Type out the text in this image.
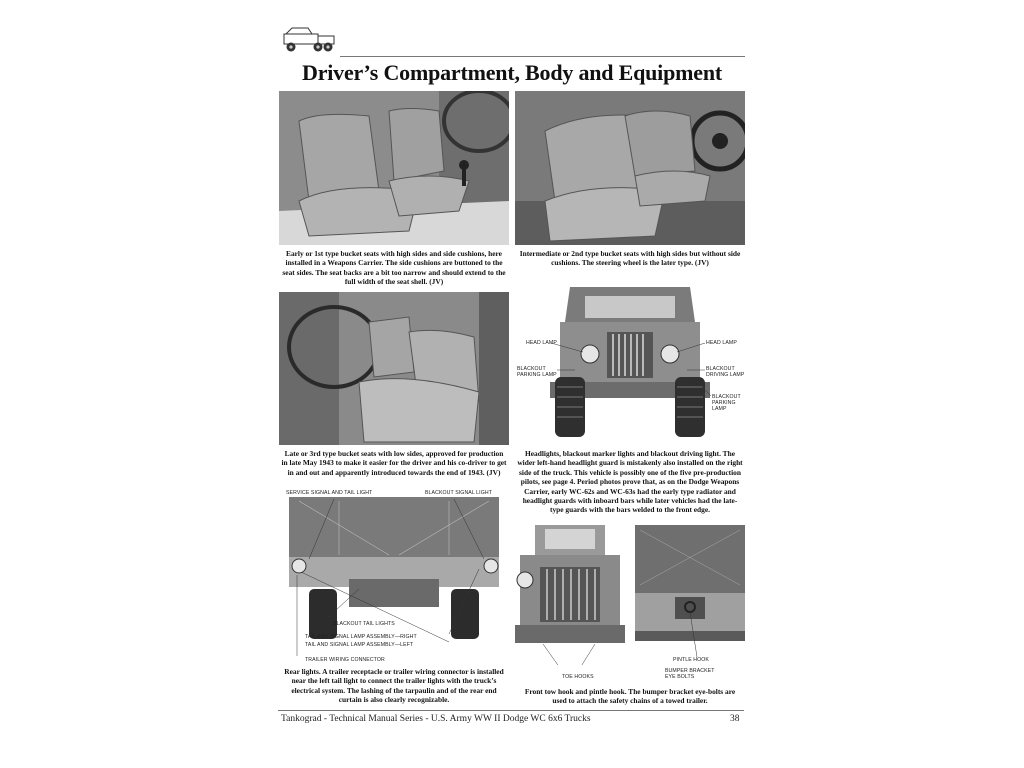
Driver’s Compartment, Body and Equipment
Early or 1st type bucket seats with high sides and side cushions, here installed in a Weapons Carrier. The side cushions are buttoned to the seat sides. The seat backs are a bit too narrow and should extend to the full width of the seat shell. (JV)
Intermediate or 2nd type bucket seats with high sides but without side cushions. The steering wheel is the later type. (JV)
Late or 3rd type bucket seats with low sides, approved for production in late May 1943 to make it easier for the driver and his co-driver to get in and out and apparently introduced towards the end of 1943. (JV)
HEAD LAMP	HEAD LAMP
BLACKOUT
PARKING LAMP
BLACKOUT
DRIVING LAMP
BLACKOUT
PARKING
LAMP
Headlights, blackout marker lights and blackout driving light. The wider left-hand headlight guard is mistakenly also installed on the right side of the truck. This vehicle is possibly one of the five pre-production pilots, see page 4. Period photos prove that, as on the Dodge Weapons Carrier, early WC-62s and WC-63s had the early type radiator and headlight guards with inboard bars while later vehicles had the late-type guards with the bars welded to the front edge.
SERVICE SIGNAL AND TAIL LIGHT	BLACKOUT SIGNAL LIGHT
BLACKOUT TAIL LIGHTS
TAIL AND SIGNAL LAMP ASSEMBLY—RIGHT
TAIL AND SIGNAL LAMP ASSEMBLY—LEFT
TRAILER WIRING CONNECTOR
Rear lights. A trailer receptacle or trailer wiring connector is installed near the left tail light to connect the trailer lights with the truck’s electrical system. The lashing of the tarpaulin and of the rear end curtain is also clearly recognizable.
TOE HOOKS
PINTLE HOOK
BUMPER BRACKET
EYE BOLTS
Front tow hook and pintle hook. The bumper bracket eye-bolts are used to attach the safety chains of a towed trailer.
Tankograd - Technical Manual Series - U.S. Army WW II Dodge WC 6x6 Trucks	38
